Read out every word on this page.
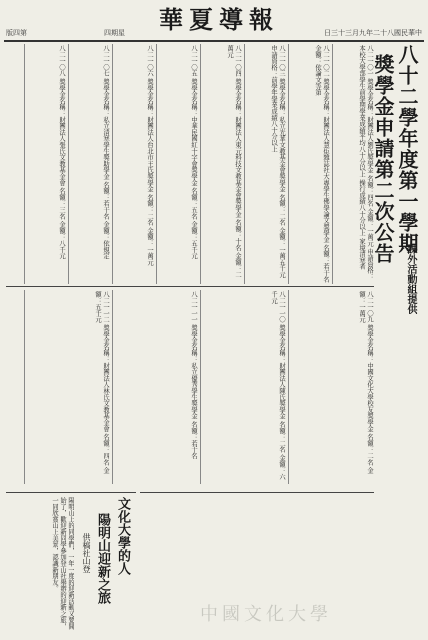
版四第	四期星	華夏導報	日三十三月九年二十八國民華中
八十二學年度第一學期
獎學金申請第二次公告
課外活動組提供
八二一〇一 獎學金名稱：財團法人劉氏獎學金 名額：四名 金額：一萬元 申請資格：本校大學部學生前學期學業成績平均八十分以上 操行成績八十分以上 家境清寒者
八二一〇二 獎學金名稱：財團法人慧炬雜誌社大專學生佛學論文獎學金 名額：若干名 金額：依論文等第
八二一〇三 獎學金名稱：私立光華文教基金會獎學金 名額：二名 金額：一萬五千元 申請資格：前學年學業成績八十分以上
八二一〇四 獎學金名稱：財團法人東元科技文教基金會獎學金 名額：十名 金額：二萬元
八二一〇五 獎學金名稱：中華民國紅十字會獎學金 名額：五名 金額：五千元
八二一〇六 獎學金名稱：財團法人台北市王氏獎學金 名額：二名 金額：一萬元
八二一〇七 獎學金名稱：私立清寒學生獎助學金 名額：若干名 金額：依規定
八二一〇八 獎學金名稱：財團法人張氏文教基金會 名額：三名 金額：八千元
八二一〇九 獎學金名稱：中國文化大學校友獎學金 名額：二名 金額：一萬元
八二一一〇 獎學金名稱：財團法人陳氏獎學金 名額：二名 金額：六千元
八二一一一 獎學金名稱：私立優秀學生獎學金 名額：若干名
八二一一二 獎學金名稱：財團法人林氏文教基金會 名額：四名 金額：五千元
文化大學的人
陽明山迎新之旅
供稿社山登
陽明山上的同學們，一年一度的迎新活動又要開始了，歡迎新同學參加登山社舉辦的迎新之旅，一同欣賞山上美景，認識新朋友。
中國文化大學
